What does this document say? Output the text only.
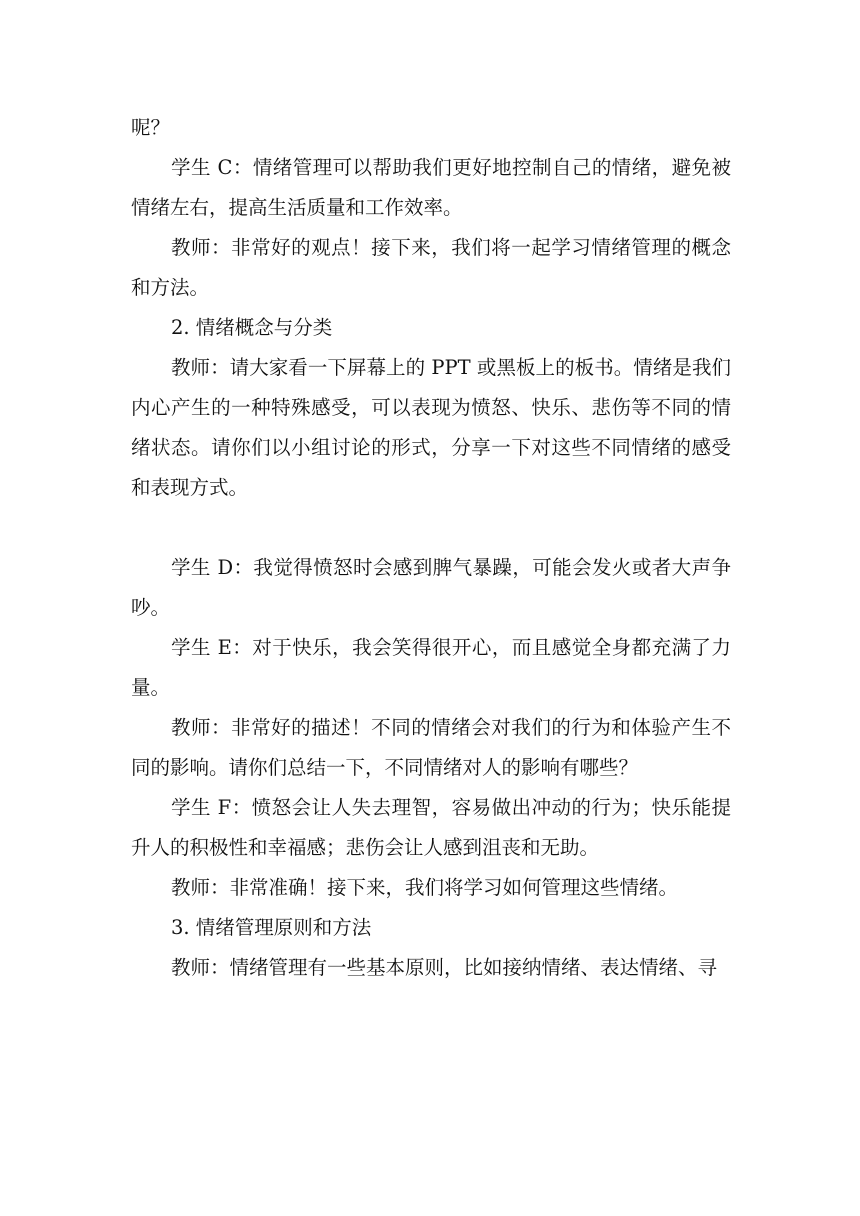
呢？

学生 C：情绪管理可以帮助我们更好地控制自己的情绪，避免被情绪左右，提高生活质量和工作效率。

教师：非常好的观点！接下来，我们将一起学习情绪管理的概念和方法。

2. 情绪概念与分类

教师：请大家看一下屏幕上的 PPT 或黑板上的板书。情绪是我们内心产生的一种特殊感受，可以表现为愤怒、快乐、悲伤等不同的情绪状态。请你们以小组讨论的形式，分享一下对这些不同情绪的感受和表现方式。

学生 D：我觉得愤怒时会感到脾气暴躁，可能会发火或者大声争吵。

学生 E：对于快乐，我会笑得很开心，而且感觉全身都充满了力量。

教师：非常好的描述！不同的情绪会对我们的行为和体验产生不同的影响。请你们总结一下，不同情绪对人的影响有哪些？

学生 F：愤怒会让人失去理智，容易做出冲动的行为；快乐能提升人的积极性和幸福感；悲伤会让人感到沮丧和无助。

教师：非常准确！接下来，我们将学习如何管理这些情绪。

3. 情绪管理原则和方法

教师：情绪管理有一些基本原则，比如接纳情绪、表达情绪、寻
